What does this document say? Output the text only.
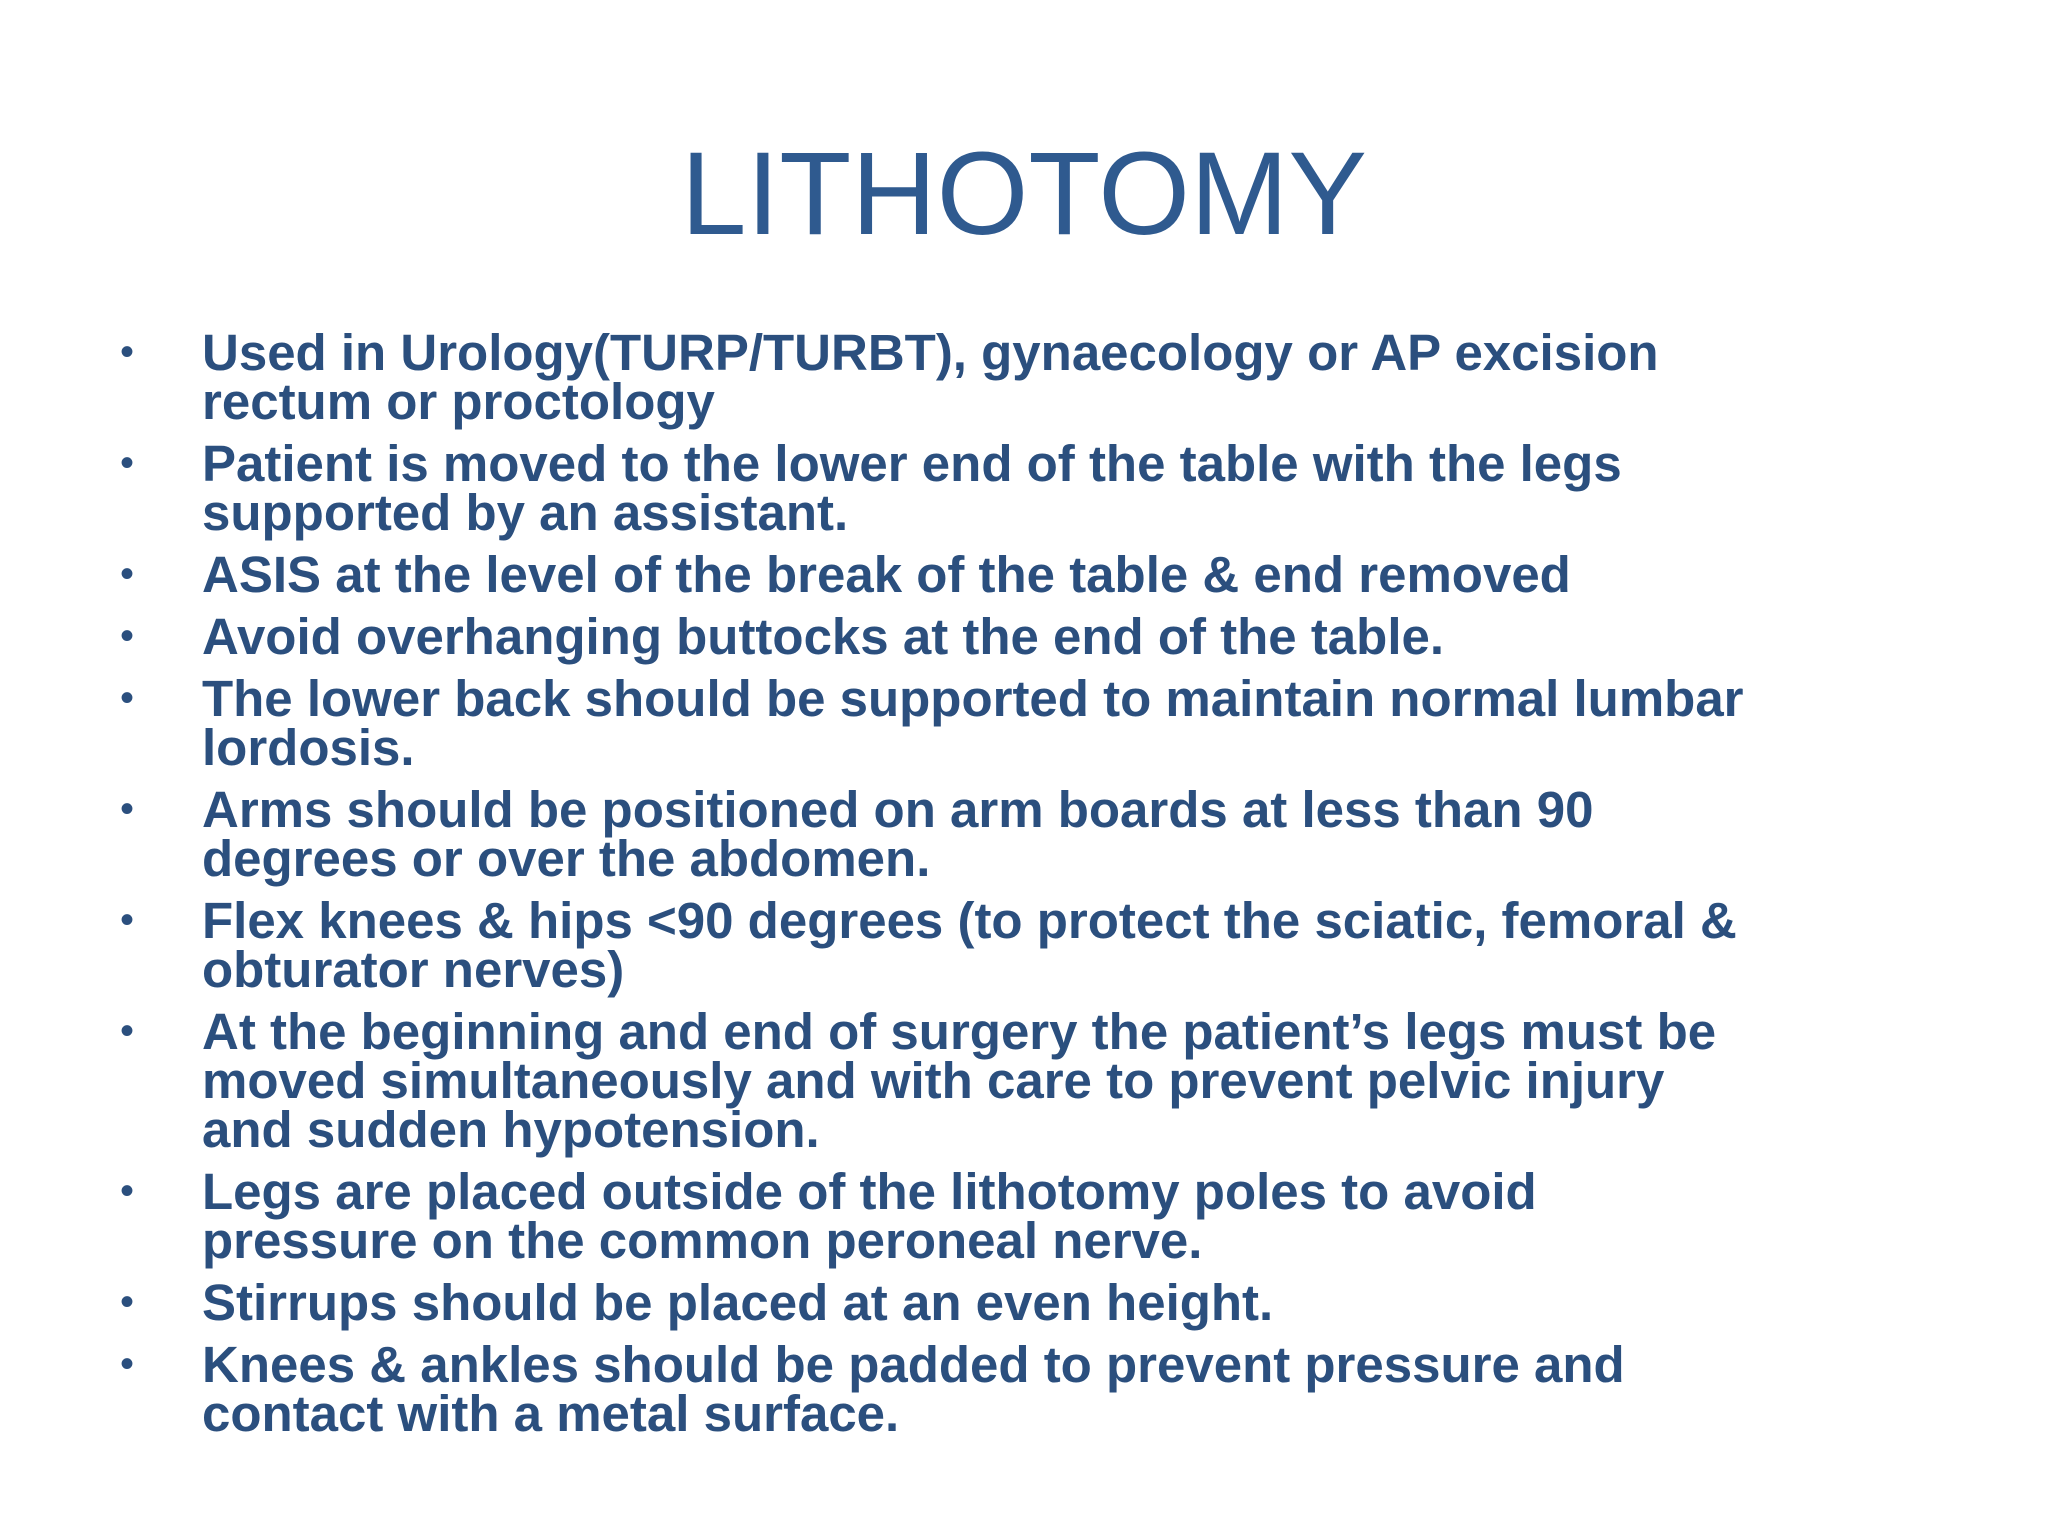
LITHOTOMY
•	Used in Urology(TURP/TURBT), gynaecology or AP excision
rectum or proctology
•	Patient is moved to the lower end of the table with the legs
supported by an assistant.
•	ASIS at the level of the break of the table & end removed
•	Avoid overhanging buttocks at the end of the table.
•	The lower back should be supported to maintain normal lumbar
lordosis.
•	Arms should be positioned on arm boards at less than 90
degrees or over the abdomen.
•	Flex knees & hips <90 degrees (to protect the sciatic, femoral &
obturator nerves)
•	At the beginning and end of surgery the patient’s legs must be
moved simultaneously and with care to prevent pelvic injury
and sudden hypotension.
•	Legs are placed outside of the lithotomy poles to avoid
pressure on the common peroneal nerve.
•	Stirrups should be placed at an even height.
•	Knees & ankles should be padded to prevent pressure and
contact with a metal surface.
